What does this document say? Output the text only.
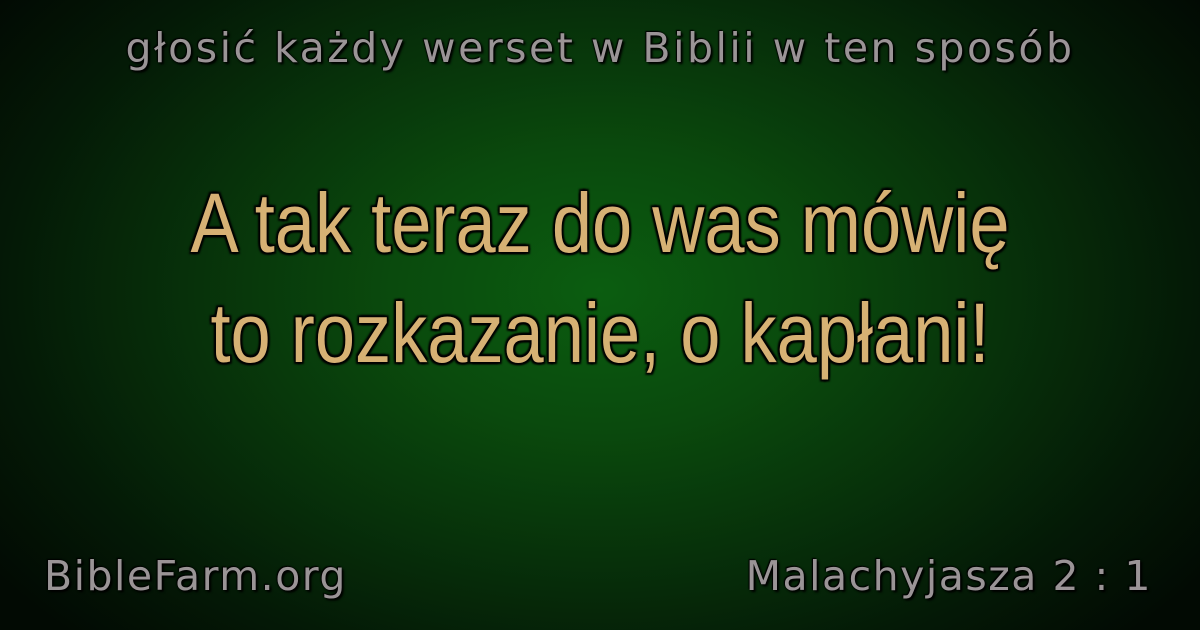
głosić każdy werset w Biblii w ten sposób
A tak teraz do was mówię
to rozkazanie, o kapłani!
BibleFarm.org	Malachyjasza 2 : 1
